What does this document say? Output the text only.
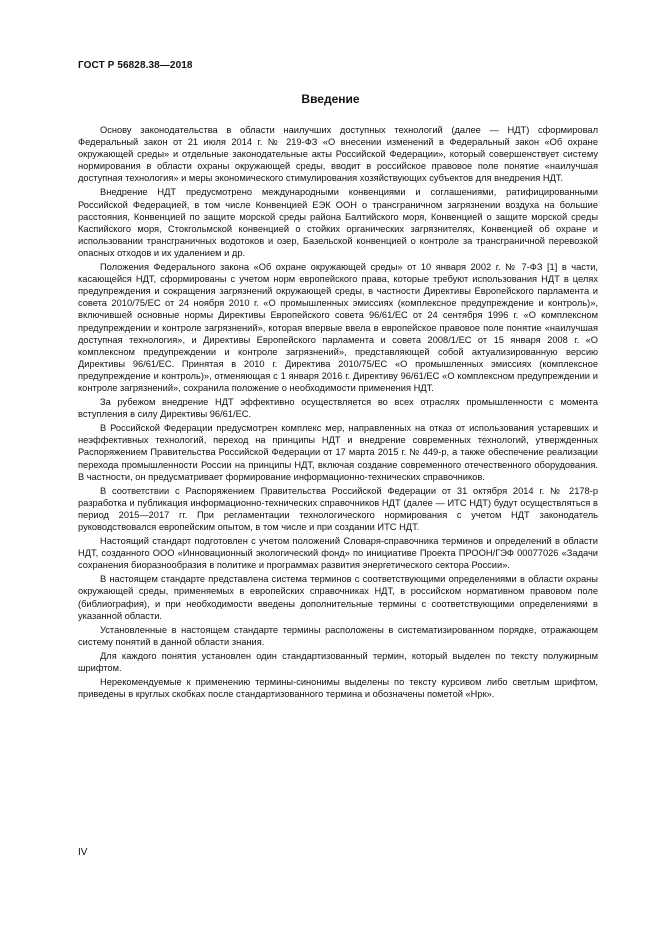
ГОСТ Р 56828.38—2018
Введение

Основу законодательства в области наилучших доступных технологий (далее — НДТ) сформировал Федеральный закон от 21 июля 2014 г. № 219-ФЗ «О внесении изменений в Федеральный закон «Об охране окружающей среды» и отдельные законодательные акты Российской Федерации», который совершенствует систему нормирования в области охраны окружающей среды, вводит в российское правовое поле понятие «наилучшая доступная технология» и меры экономического стимулирования хозяйствующих субъектов для внедрения НДТ.

Внедрение НДТ предусмотрено международными конвенциями и соглашениями, ратифицированными Российской Федерацией, в том числе Конвенцией ЕЭК ООН о трансграничном загрязнении воздуха на большие расстояния, Конвенцией по защите морской среды района Балтийского моря, Конвенцией о защите морской среды Каспийского моря, Стокгольмской конвенцией о стойких органических загрязнителях, Конвенцией об охране и использовании трансграничных водотоков и озер, Базельской конвенцией о контроле за трансграничной перевозкой опасных отходов и их удалением и др.

Положения Федерального закона «Об охране окружающей среды» от 10 января 2002 г. № 7-ФЗ [1] в части, касающейся НДТ, сформированы с учетом норм европейского права, которые требуют использования НДТ в целях предупреждения и сокращения загрязнений окружающей среды, в частности Директивы Европейского парламента и совета 2010/75/ЕС от 24 ноября 2010 г. «О промышленных эмиссиях (комплексное предупреждение и контроль)», включившей основные нормы Директивы Европейского совета 96/61/ЕС от 24 сентября 1996 г. «О комплексном предупреждении и контроле загрязнений», которая впервые ввела в европейское правовое поле понятие «наилучшая доступная технология», и Директивы Европейского парламента и совета 2008/1/ЕС от 15 января 2008 г. «О комплексном предупреждении и контроле загрязнений», представляющей собой актуализированную версию Директивы 96/61/ЕС. Принятая в 2010 г. Директива 2010/75/ЕС «О промышленных эмиссиях (комплексное предупреждение и контроль)», отменяющая с 1 января 2016 г. Директиву 96/61/ЕС «О комплексном предупреждении и контроле загрязнений», сохранила положение о необходимости применения НДТ.

За рубежом внедрение НДТ эффективно осуществляется во всех отраслях промышленности с момента вступления в силу Директивы 96/61/ЕС.

В Российской Федерации предусмотрен комплекс мер, направленных на отказ от использования устаревших и неэффективных технологий, переход на принципы НДТ и внедрение современных технологий, утвержденных Распоряжением Правительства Российской Федерации от 17 марта 2015 г. № 449-р, а также обеспечение реализации перехода промышленности России на принципы НДТ, включая создание современного отечественного оборудования. В частности, он предусматривает формирование информационно-технических справочников.

В соответствии с Распоряжением Правительства Российской Федерации от 31 октября 2014 г. № 2178-р разработка и публикация информационно-технических справочников НДТ (далее — ИТС НДТ) будут осуществляться в период 2015—2017 гг. При регламентации технологического нормирования с учетом НДТ законодатель руководствовался европейским опытом, в том числе и при создании ИТС НДТ.

Настоящий стандарт подготовлен с учетом положений Словаря-справочника терминов и определений в области НДТ, созданного ООО «Инновационный экологический фонд» по инициативе Проекта ПРООН/ГЭФ 00077026 «Задачи сохранения биоразнообразия в политике и программах развития энергетического сектора России».

В настоящем стандарте представлена система терминов с соответствующими определениями в области охраны окружающей среды, применяемых в европейских справочниках НДТ, в российском нормативном правовом поле (библиография), и при необходимости введены дополнительные термины с соответствующими определениями в указанной области.

Установленные в настоящем стандарте термины расположены в систематизированном порядке, отражающем систему понятий в данной области знания.

Для каждого понятия установлен один стандартизованный термин, который выделен по тексту полужирным шрифтом.

Нерекомендуемые к применению термины-синонимы выделены по тексту курсивом либо светлым шрифтом, приведены в круглых скобках после стандартизованного термина и обозначены пометой «Нрк».

IV
